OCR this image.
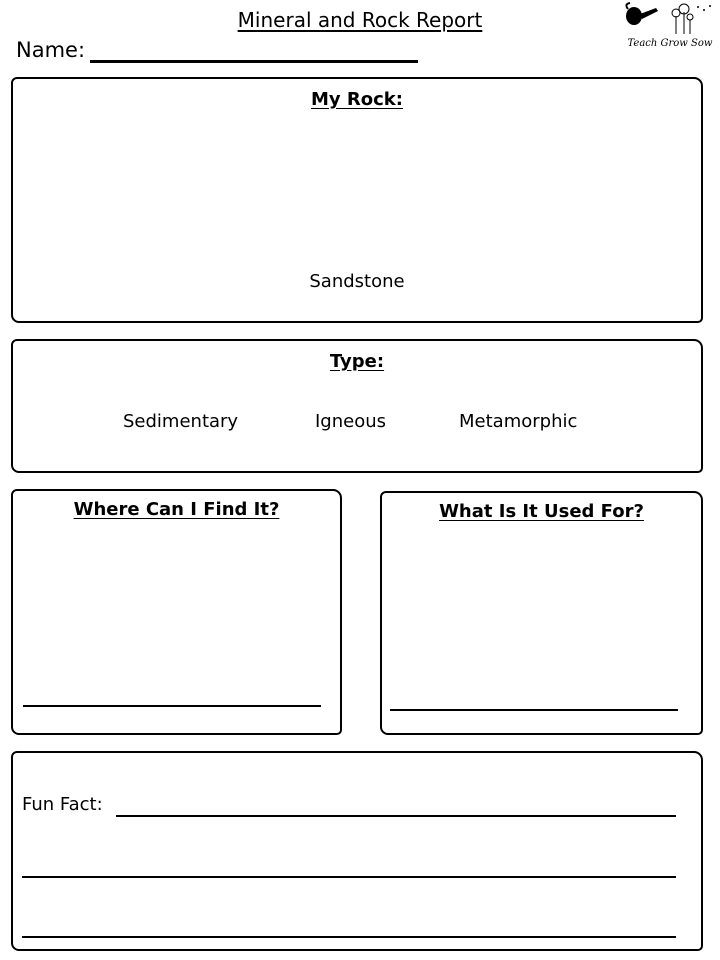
Mineral and Rock Report
Name:	Teach Grow Sow
My Rock:
Sandstone
Type:
Sedimentary	Igneous	Metamorphic
Where Can I Find It?	What Is It Used For?
Fun Fact:
